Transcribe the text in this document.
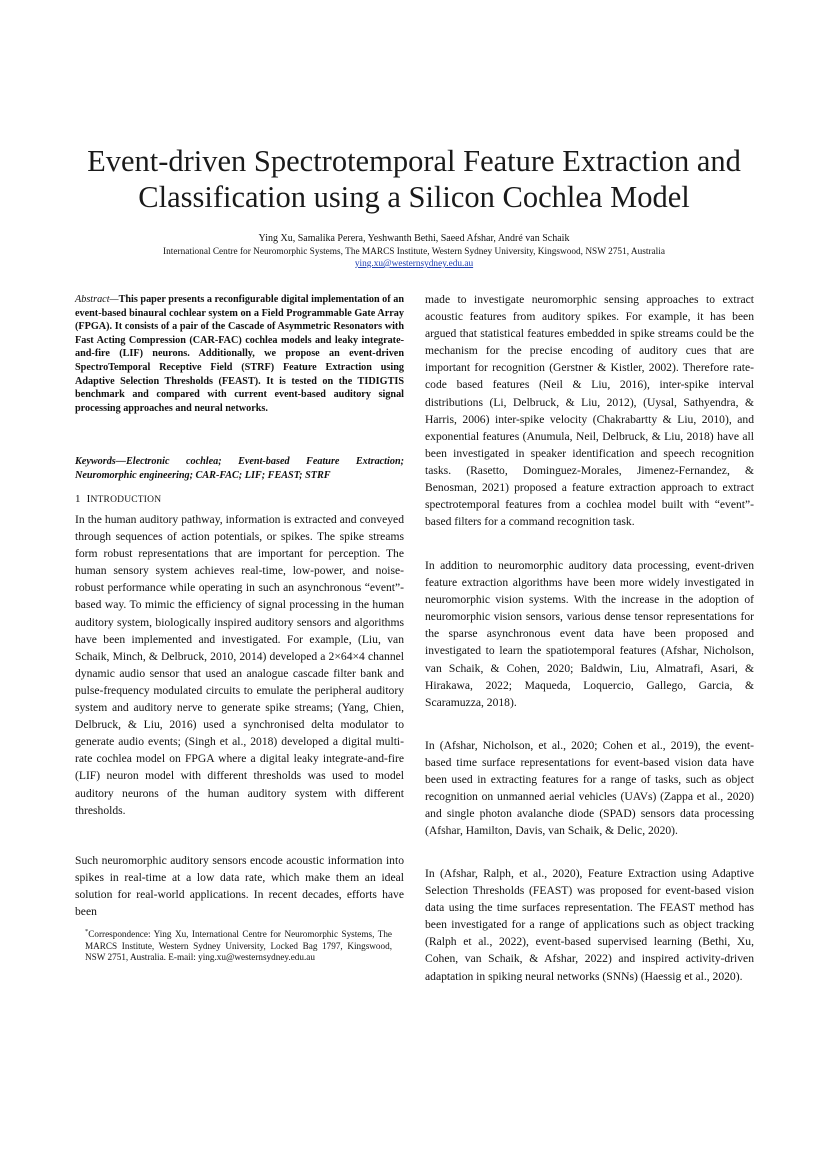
Event-driven Spectrotemporal Feature Extraction and
Classification using a Silicon Cochlea Model
Ying Xu, Samalika Perera, Yeshwanth Bethi, Saeed Afshar, André van Schaik
International Centre for Neuromorphic Systems, The MARCS Institute, Western Sydney University, Kingswood, NSW 2751, Australia
ying.xu@westernsydney.edu.au
Abstract—This paper presents a reconfigurable digital implementation of an event-based binaural cochlear system on a Field Programmable Gate Array (FPGA). It consists of a pair of the Cascade of Asymmetric Resonators with Fast Acting Compression (CAR-FAC) cochlea models and leaky integrate-and-fire (LIF) neurons. Additionally, we propose an event-driven SpectroTemporal Receptive Field (STRF) Feature Extraction using Adaptive Selection Thresholds (FEAST). It is tested on the TIDIGTIS benchmark and compared with current event-based auditory signal processing approaches and neural networks.
Keywords—Electronic cochlea; Event-based Feature Extraction; Neuromorphic engineering; CAR-FAC; LIF; FEAST; STRF
1 INTRODUCTION
In the human auditory pathway, information is extracted and conveyed through sequences of action potentials, or spikes. The spike streams form robust representations that are important for perception. The human sensory system achieves real-time, low-power, and noise-robust performance while operating in such an asynchronous “event”-based way. To mimic the efficiency of signal processing in the human auditory system, biologically inspired auditory sensors and algorithms have been implemented and investigated. For example, (Liu, van Schaik, Minch, & Delbruck, 2010, 2014) developed a 2×64×4 channel dynamic audio sensor that used an analogue cascade filter bank and pulse-frequency modulated circuits to emulate the peripheral auditory system and auditory nerve to generate spike streams; (Yang, Chien, Delbruck, & Liu, 2016) used a synchronised delta modulator to generate audio events; (Singh et al., 2018) developed a digital multi-rate cochlea model on FPGA where a digital leaky integrate-and-fire (LIF) neuron model with different thresholds was used to model auditory neurons of the human auditory system with different thresholds.
Such neuromorphic auditory sensors encode acoustic information into spikes in real-time at a low data rate, which make them an ideal solution for real-world applications. In recent decades, efforts have been
*Correspondence: Ying Xu, International Centre for Neuromorphic Systems, The MARCS Institute, Western Sydney University, Locked Bag 1797, Kingswood, NSW 2751, Australia. E-mail: ying.xu@westernsydney.edu.au
made to investigate neuromorphic sensing approaches to extract acoustic features from auditory spikes. For example, it has been argued that statistical features embedded in spike streams could be the mechanism for the precise encoding of auditory cues that are important for recognition (Gerstner & Kistler, 2002). Therefore rate-code based features (Neil & Liu, 2016), inter-spike interval distributions (Li, Delbruck, & Liu, 2012), (Uysal, Sathyendra, & Harris, 2006) inter-spike velocity (Chakrabartty & Liu, 2010), and exponential features (Anumula, Neil, Delbruck, & Liu, 2018) have all been investigated in speaker identification and speech recognition tasks. (Rasetto, Dominguez-Morales, Jimenez-Fernandez, & Benosman, 2021) proposed a feature extraction approach to extract spectrotemporal features from a cochlea model built with “event”-based filters for a command recognition task.
In addition to neuromorphic auditory data processing, event-driven feature extraction algorithms have been more widely investigated in neuromorphic vision systems. With the increase in the adoption of neuromorphic vision sensors, various dense tensor representations for the sparse asynchronous event data have been proposed and investigated to learn the spatiotemporal features (Afshar, Nicholson, van Schaik, & Cohen, 2020; Baldwin, Liu, Almatrafi, Asari, & Hirakawa, 2022; Maqueda, Loquercio, Gallego, Garcia, & Scaramuzza, 2018).
In (Afshar, Nicholson, et al., 2020; Cohen et al., 2019), the event-based time surface representations for event-based vision data have been used in extracting features for a range of tasks, such as object recognition on unmanned aerial vehicles (UAVs) (Zappa et al., 2020) and single photon avalanche diode (SPAD) sensors data processing (Afshar, Hamilton, Davis, van Schaik, & Delic, 2020).
In (Afshar, Ralph, et al., 2020), Feature Extraction using Adaptive Selection Thresholds (FEAST) was proposed for event-based vision data using the time surfaces representation. The FEAST method has been investigated for a range of applications such as object tracking (Ralph et al., 2022), event-based supervised learning (Bethi, Xu, Cohen, van Schaik, & Afshar, 2022) and inspired activity-driven adaptation in spiking neural networks (SNNs) (Haessig et al., 2020).
